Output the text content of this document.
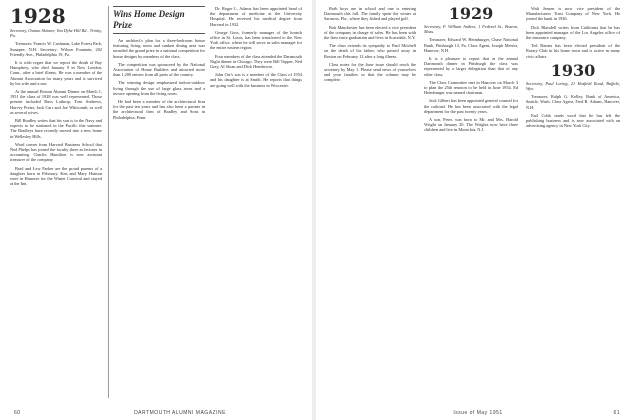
1928

Secretary, Osmun Skinner, Van Dyke Hill Rd., Trinity, Pa.

Treasurer, Francis W. Cushman, Lake Forest Park, Sunapee, N.H. Secretary: Wilson Fountain, 202 Friendly Ave., Philadelphia 19, Pa.

It is with regret that we report the death of Ray Humphrey, who died January 9 in New London, Conn., after a brief illness. He was a member of the Alumni Association for many years and is survived by his wife and a son.

At the annual Boston Alumni Dinner on March 1, 1951 the class of 1928 was well represented. Those present included Russ Lathrop, Tom Andrews, Harvey Potter, Jack Carr and Joe Whitcomb, as well as several wives.

Bill Bradley writes that his son is in the Navy and expects to be stationed in the Pacific this summer. The Bradleys have recently moved into a new home in Wellesley Hills.

Word comes from Harvard Business School that Ned Phelps has joined the faculty there as lecturer in accounting. Charles Hamilton is now assistant treasurer of the company.

Brad and Lew Parker are the proud parents of a daughter born in February. Ken and Mary Hanson were in Hanover for the Winter Carnival and stayed at the Inn.

Wins Home Design Prize

An architect's plan for a three-bedroom house featuring living room and sunken dining area was awarded the grand prize in a national competition for house designs by members of the class.

The competition was sponsored by the National Association of Home Builders and attracted more than 1,200 entries from all parts of the country.

The winning design emphasized indoor-outdoor living through the use of large glass areas and a terrace opening from the living room.

He had been a member of the architectural firm for the past ten years and has also been a partner in the architectural firm of Bradley and Sons in Philadelphia, Penn.

Dr. Roger L. Adams has been appointed head of the department of medicine at the University Hospital. He received his medical degree from Harvard in 1932.

George Goss, formerly manager of the branch office in St. Louis, has been transferred to the New York office, where he will serve as sales manager for the entire eastern region.

Four members of the class attended the Dartmouth Night dinner in Chicago. They were Bill Tupper, Ned Gray, Al Sloan and Dick Henderson.

John Orr's son is a member of the Class of 1954 and his daughter is at Smith. He reports that things are going well with the business in Worcester.

60	DARTMOUTH ALUMNI MAGAZINE

Both boys are in school and one is entering Dartmouth this fall. The family spent the winter at Sarasota, Fla., where they fished and played golf.

Bob Manchester has been elected a vice president of the company in charge of sales. He has been with the firm since graduation and lives in Scarsdale, N.Y.

The class extends its sympathy to Paul Mitchell on the death of his father, who passed away in Boston on February 12 after a long illness.

Class notes for the June issue should reach the secretary by May 1. Please send news of yourselves and your families so that the column may be complete.

1929

Secretary, F. William Andres, 1 Federal St., Boston, Mass.

Treasurer, Edward W. Heimburger, Chase National Bank, Pittsburgh 13, Pa. Class Agent, Joseph Merritt, Hanover, N.H.

It is a pleasure to report that at the annual Dartmouth dinner in Pittsburgh the class was represented by a larger delegation than that of any other class.

The Class Committee met in Hanover on March 3 to plan the 25th reunion to be held in June 1954. Ed Heimburger was named chairman.

Jack Gilbert has been appointed general counsel for the railroad. He has been associated with the legal department for the past twenty years.

A son, Peter, was born to Mr. and Mrs. Harold Wright on January 20. The Wrights now have three children and live in Montclair, N.J.

Walt Jensen is now vice president of the Manufacturers Trust Company of New York. He joined the bank in 1936.

Dick Blaisdell writes from California that he has been appointed manager of the Los Angeles office of the insurance company.

Ted Barnes has been elected president of the Rotary Club in his home town and is active in many civic affairs.

1930

Secretary, Paul Loring, 21 Hatfield Road, Buffalo, Wyo.

Treasurer, Ralph G. Kelley, Bank of America, Seattle, Wash. Class Agent, Fred R. Adams, Hanover, N.H.

Earl Cobb sends word that he has left the publishing business and is now associated with an advertising agency in New York City.

Issue of May 1951	61
